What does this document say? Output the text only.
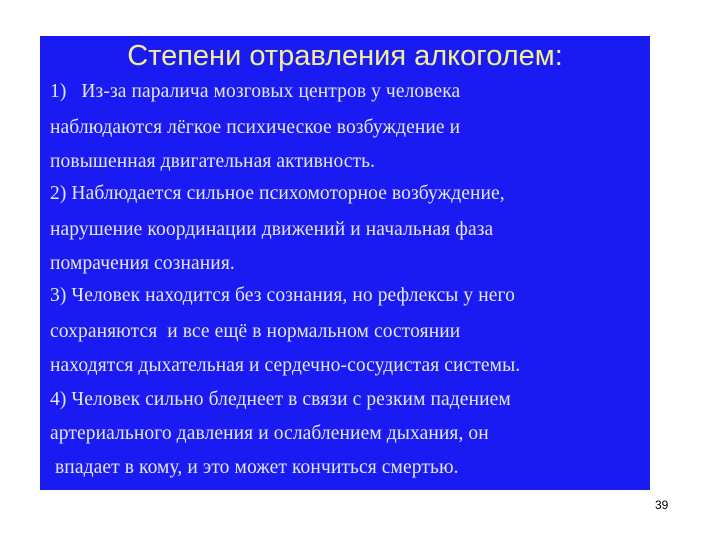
Степени отравления алкоголем:
1)   Из-за паралича мозговых центров у человека
наблюдаются лёгкое психическое возбуждение и
повышенная двигательная активность.
2) Наблюдается сильное психомоторное возбуждение,
нарушение координации движений и начальная фаза
помрачения сознания.
3) Человек находится без сознания, но рефлексы у него
сохраняются  и все ещё в нормальном состоянии
находятся дыхательная и сердечно-сосудистая системы.
4) Человек сильно бледнеет в связи с резким падением
артериального давления и ослаблением дыхания, он
впадает в кому, и это может кончиться смертью.
39
